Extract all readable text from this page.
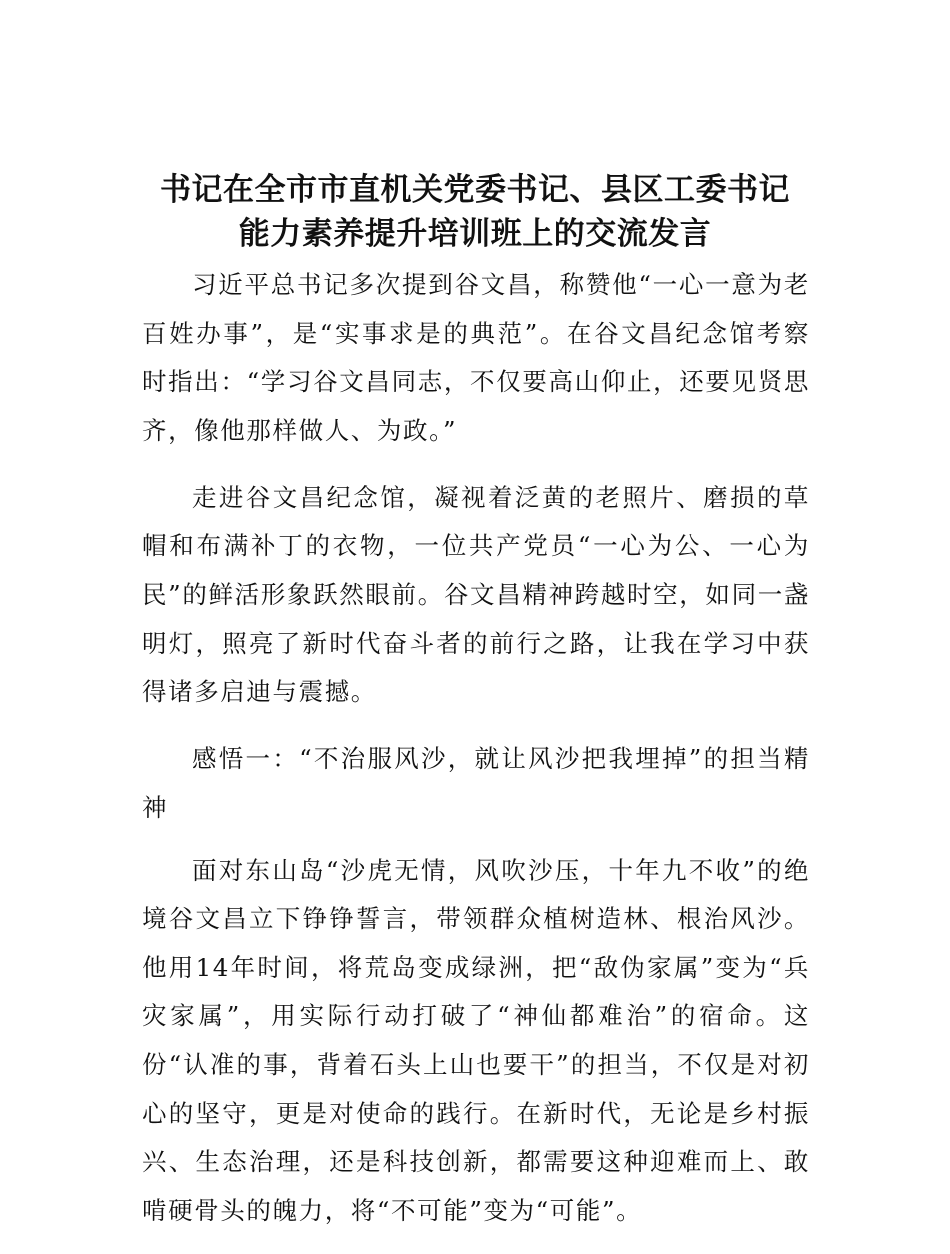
书记在全市市直机关党委书记、县区工委书记
能力素养提升培训班上的交流发言

习近平总书记多次提到谷文昌，称赞他“一心一意为老百姓办事”，是“实事求是的典范”。在谷文昌纪念馆考察时指出：“学习谷文昌同志，不仅要高山仰止，还要见贤思齐，像他那样做人、为政。”

走进谷文昌纪念馆，凝视着泛黄的老照片、磨损的草帽和布满补丁的衣物，一位共产党员“一心为公、一心为民”的鲜活形象跃然眼前。谷文昌精神跨越时空，如同一盏明灯，照亮了新时代奋斗者的前行之路，让我在学习中获得诸多启迪与震撼。

感悟一：“不治服风沙，就让风沙把我埋掉”的担当精神

面对东山岛“沙虎无情，风吹沙压，十年九不收”的绝境谷文昌立下铮铮誓言，带领群众植树造林、根治风沙。他用14年时间，将荒岛变成绿洲，把“敌伪家属”变为“兵灾家属”，用实际行动打破了“神仙都难治”的宿命。这份“认准的事，背着石头上山也要干”的担当，不仅是对初心的坚守，更是对使命的践行。在新时代，无论是乡村振兴、生态治理，还是科技创新，都需要这种迎难而上、敢啃硬骨头的魄力，将“不可能”变为“可能”。
